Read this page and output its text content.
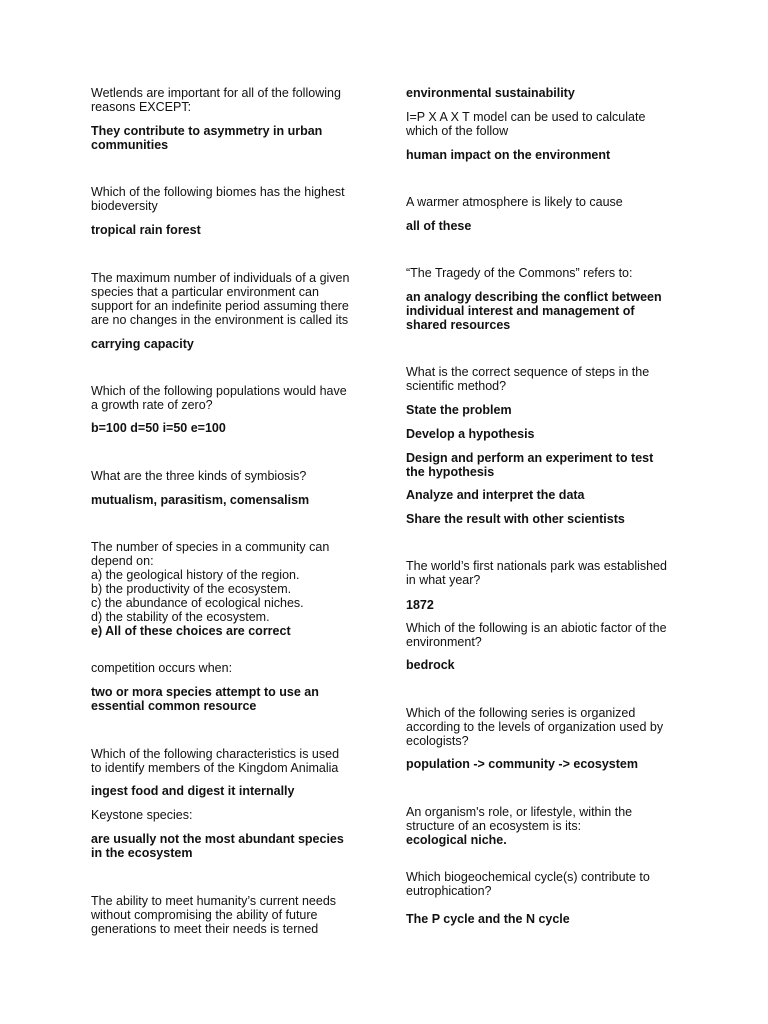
Wetlends are important for all of the following
reasons EXCEPT:

They contribute to asymmetry in urban
communities

Which of the following biomes has the highest
biodeversity

tropical rain forest

The maximum number of individuals of a given
species that a particular environment can
support for an indefinite period assuming there
are no changes in the environment is called its

carrying capacity

Which of the following populations would have
a growth rate of zero?

b=100 d=50 i=50 e=100

What are the three kinds of symbiosis?

mutualism, parasitism, comensalism

The number of species in a community can
depend on:
a) the geological history of the region.
b) the productivity of the ecosystem.
c) the abundance of ecological niches.
d) the stability of the ecosystem.

e) All of these choices are correct

competition occurs when:

two or mora species attempt to use an
essential common resource

Which of the following characteristics is used
to identify members of the Kingdom Animalia

ingest food and digest it internally

Keystone species:

are usually not the most abundant species
in the ecosystem

The ability to meet humanity’s current needs
without compromising the ability of future
generations to meet their needs is terned

environmental sustainability

I=P X A X T model can be used to calculate
which of the follow

human impact on the environment

A warmer atmosphere is likely to cause

all of these

“The Tragedy of the Commons” refers to:

an analogy describing the conflict between
individual interest and management of
shared resources

What is the correct sequence of steps in the
scientific method?

State the problem

Develop a hypothesis

Design and perform an experiment to test
the hypothesis

Analyze and interpret the data

Share the result with other scientists

The world’s first nationals park was established
in what year?

1872

Which of the following is an abiotic factor of the
environment?

bedrock

Which of the following series is organized
according to the levels of organization used by
ecologists?

population -> community -> ecosystem

An organism's role, or lifestyle, within the
structure of an ecosystem is its:

ecological niche.

Which biogeochemical cycle(s) contribute to
eutrophication?

The P cycle and the N cycle
